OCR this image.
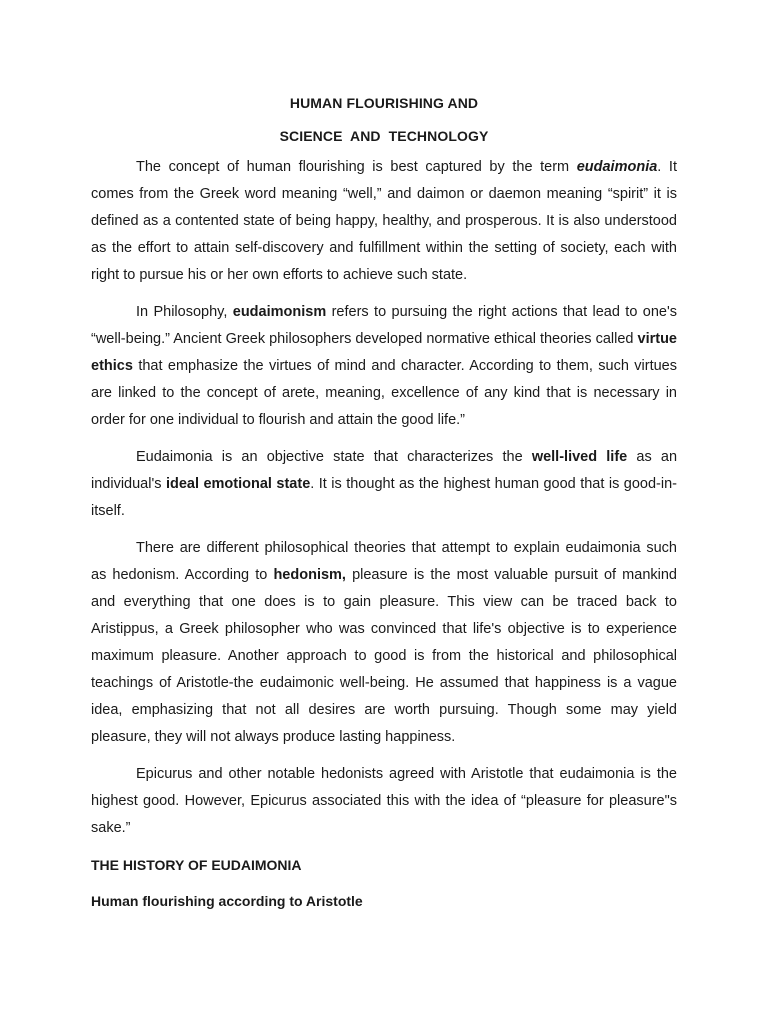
HUMAN FLOURISHING AND

SCIENCE AND TECHNOLOGY

The concept of human flourishing is best captured by the term eudaimonia. It comes from the Greek word meaning “well,” and daimon or daemon meaning “spirit” it is defined as a contented state of being happy, healthy, and prosperous. It is also understood as the effort to attain self-discovery and fulfillment within the setting of society, each with right to pursue his or her own efforts to achieve such state.

In Philosophy, eudaimonism refers to pursuing the right actions that lead to one's “well-being.” Ancient Greek philosophers developed normative ethical theories called virtue ethics that emphasize the virtues of mind and character. According to them, such virtues are linked to the concept of arete, meaning, excellence of any kind that is necessary in order for one individual to flourish and attain the good life.”

Eudaimonia is an objective state that characterizes the well-lived life as an individual's ideal emotional state. It is thought as the highest human good that is good-in-itself.

There are different philosophical theories that attempt to explain eudaimonia such as hedonism. According to hedonism, pleasure is the most valuable pursuit of mankind and everything that one does is to gain pleasure. This view can be traced back to Aristippus, a Greek philosopher who was convinced that life's objective is to experience maximum pleasure. Another approach to good is from the historical and philosophical teachings of Aristotle-the eudaimonic well-being. He assumed that happiness is a vague idea, emphasizing that not all desires are worth pursuing. Though some may yield pleasure, they will not always produce lasting happiness.

Epicurus and other notable hedonists agreed with Aristotle that eudaimonia is the highest good. However, Epicurus associated this with the idea of “pleasure for pleasure"s sake.”

THE HISTORY OF EUDAIMONIA

Human flourishing according to Aristotle
